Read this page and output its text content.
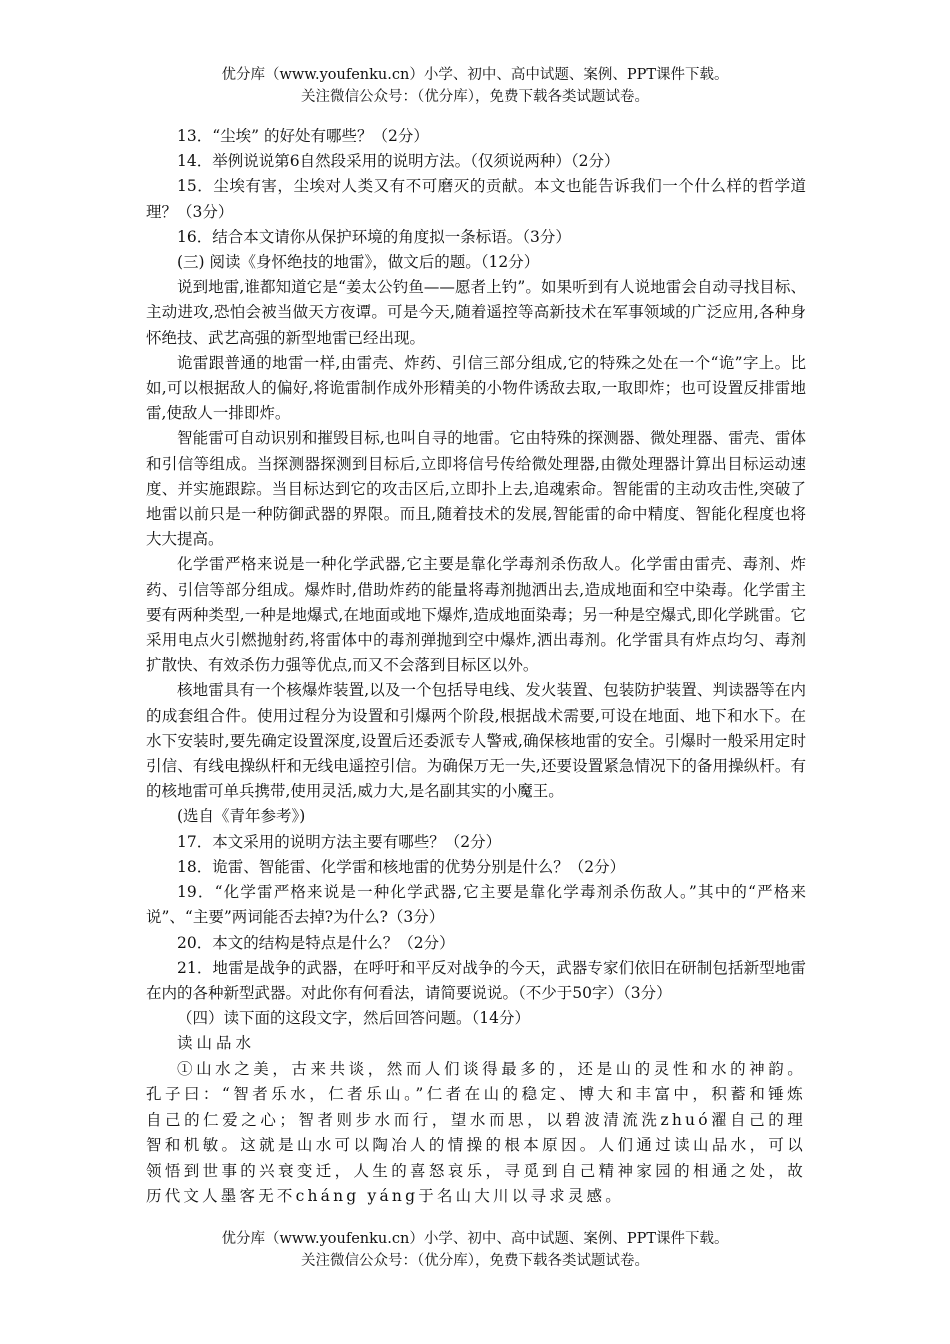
优分库（www.youfenku.cn）小学、初中、高中试题、案例、PPT课件下载。
关注微信公众号：（优分库），免费下载各类试题试卷。

13．“尘埃” 的好处有哪些？（2分）

14．举例说说第6自然段采用的说明方法。（仅须说两种）（2分）

15．尘埃有害，尘埃对人类又有不可磨灭的贡献。本文也能告诉我们一个什么样的哲学道理？（3分）

16．结合本文请你从保护环境的角度拟一条标语。（3分）

(三) 阅读《身怀绝技的地雷》，做文后的题。（12分）

说到地雷,谁都知道它是“姜太公钓鱼——愿者上钓”。如果听到有人说地雷会自动寻找目标、主动进攻,恐怕会被当做天方夜谭。可是今天,随着遥控等高新技术在军事领域的广泛应用,各种身怀绝技、武艺高强的新型地雷已经出现。

诡雷跟普通的地雷一样,由雷壳、炸药、引信三部分组成,它的特殊之处在一个“诡”字上。比如,可以根据敌人的偏好,将诡雷制作成外形精美的小物件诱敌去取,一取即炸；也可设置反排雷地雷,使敌人一排即炸。

智能雷可自动识别和摧毁目标,也叫自寻的地雷。它由特殊的探测器、微处理器、雷壳、雷体和引信等组成。当探测器探测到目标后,立即将信号传给微处理器,由微处理器计算出目标运动速度、并实施跟踪。当目标达到它的攻击区后,立即扑上去,追魂索命。智能雷的主动攻击性,突破了地雷以前只是一种防御武器的界限。而且,随着技术的发展,智能雷的命中精度、智能化程度也将大大提高。

化学雷严格来说是一种化学武器,它主要是靠化学毒剂杀伤敌人。化学雷由雷壳、毒剂、炸药、引信等部分组成。爆炸时,借助炸药的能量将毒剂抛洒出去,造成地面和空中染毒。化学雷主要有两种类型,一种是地爆式,在地面或地下爆炸,造成地面染毒；另一种是空爆式,即化学跳雷。它采用电点火引燃抛射药,将雷体中的毒剂弹抛到空中爆炸,洒出毒剂。化学雷具有炸点均匀、毒剂扩散快、有效杀伤力强等优点,而又不会落到目标区以外。

核地雷具有一个核爆炸装置,以及一个包括导电线、发火装置、包装防护装置、判读器等在内的成套组合件。使用过程分为设置和引爆两个阶段,根据战术需要,可设在地面、地下和水下。在水下安装时,要先确定设置深度,设置后还委派专人警戒,确保核地雷的安全。引爆时一般采用定时引信、有线电操纵杆和无线电遥控引信。为确保万无一失,还要设置紧急情况下的备用操纵杆。有的核地雷可单兵携带,使用灵活,威力大,是名副其实的小魔王。

(选自《青年参考》)

17．本文采用的说明方法主要有哪些？（2分）

18．诡雷、智能雷、化学雷和核地雷的优势分别是什么？（2分）

19．“化学雷严格来说是一种化学武器,它主要是靠化学毒剂杀伤敌人。”其中的“严格来说”、“主要”两词能否去掉?为什么?（3分）

20．本文的结构是特点是什么？（2分）

21．地雷是战争的武器，在呼吁和平反对战争的今天，武器专家们依旧在研制包括新型地雷在内的各种新型武器。对此你有何看法，请简要说说。（不少于50字）（3分）

（四）读下面的这段文字，然后回答问题。（14分）

读山品水

①山水之美，古来共谈，然而人们谈得最多的，还是山的灵性和水的神韵。孔子曰：“智者乐水，仁者乐山。”仁者在山的稳定、博大和丰富中，积蓄和锤炼自己的仁爱之心；智者则步水而行，望水而思，以碧波清流洗zhuó濯自己的理智和机敏。这就是山水可以陶冶人的情操的根本原因。人们通过读山品水，可以领悟到世事的兴衰变迁，人生的喜怒哀乐，寻觅到自己精神家园的相通之处，故历代文人墨客无不cháng yáng于名山大川以寻求灵感。

优分库（www.youfenku.cn）小学、初中、高中试题、案例、PPT课件下载。
关注微信公众号：（优分库），免费下载各类试题试卷。
